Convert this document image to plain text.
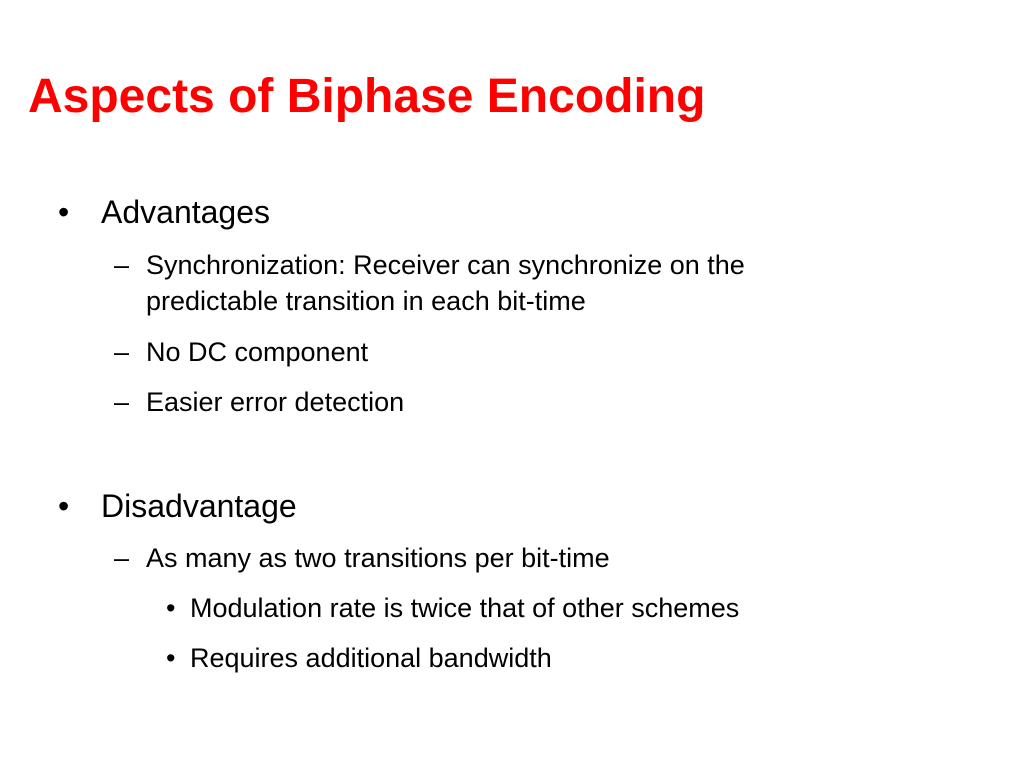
Aspects of Biphase Encoding
• Advantages
– Synchronization: Receiver can synchronize on the
predictable transition in each bit-time
– No DC component
– Easier error detection
• Disadvantage
– As many as two transitions per bit-time
• Modulation rate is twice that of other schemes
• Requires additional bandwidth
